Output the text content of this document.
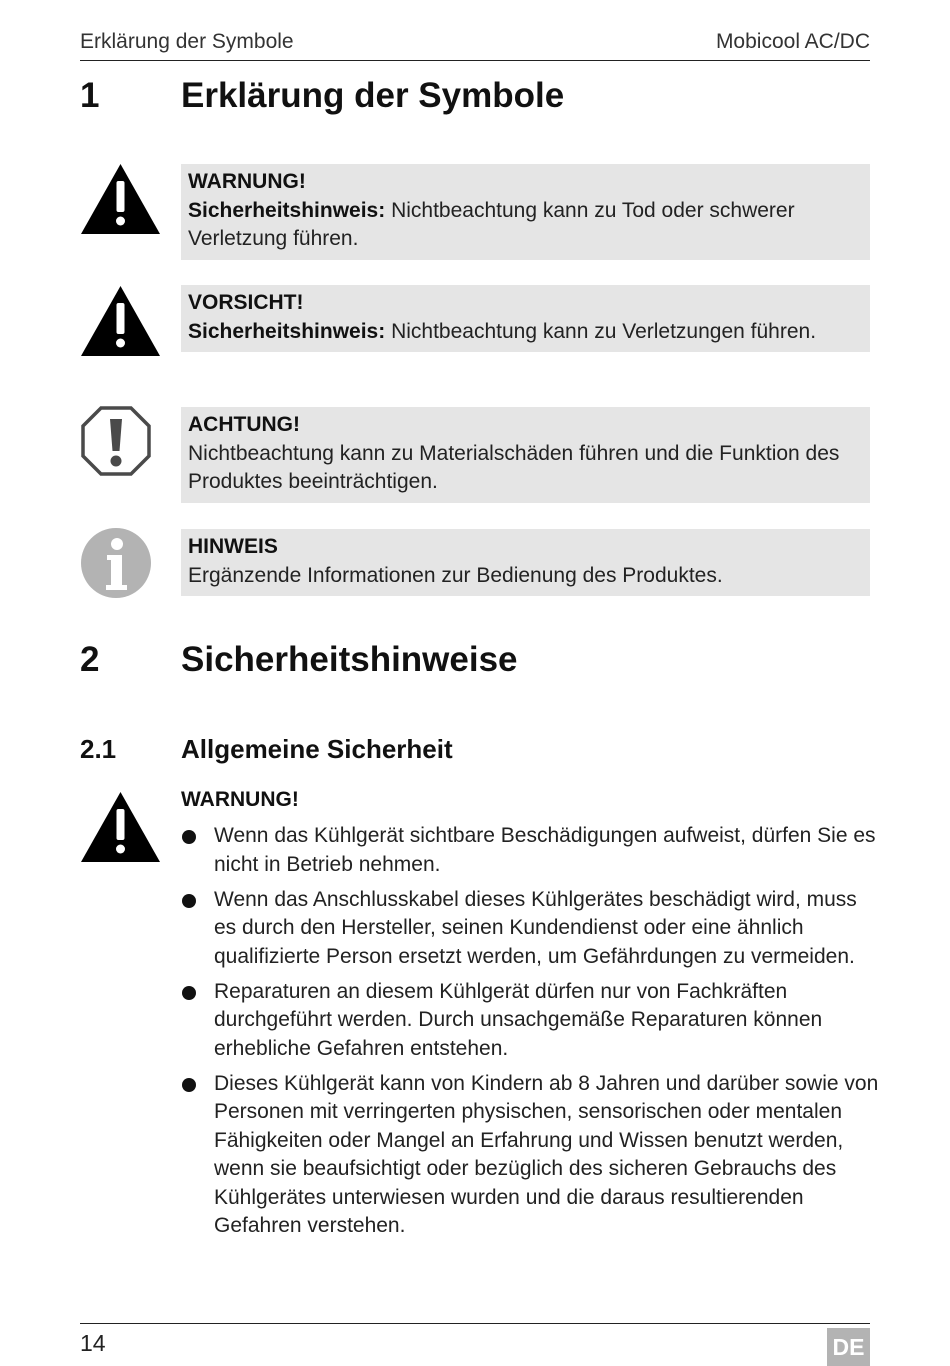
Erklärung der Symbole	Mobicool AC/DC
1 Erklärung der Symbole
WARNUNG!
Sicherheitshinweis: Nichtbeachtung kann zu Tod oder schwerer Verletzung führen.
VORSICHT!
Sicherheitshinweis: Nichtbeachtung kann zu Verletzungen führen.
ACHTUNG!
Nichtbeachtung kann zu Materialschäden führen und die Funktion des Produktes beeinträchtigen.
HINWEIS
Ergänzende Informationen zur Bedienung des Produktes.
2 Sicherheitshinweise
2.1 Allgemeine Sicherheit
WARNUNG!
Wenn das Kühlgerät sichtbare Beschädigungen aufweist, dürfen Sie es nicht in Betrieb nehmen.
Wenn das Anschlusskabel dieses Kühlgerätes beschädigt wird, muss es durch den Hersteller, seinen Kundendienst oder eine ähnlich qualifizierte Person ersetzt werden, um Gefährdungen zu vermeiden.
Reparaturen an diesem Kühlgerät dürfen nur von Fachkräften durchgeführt werden. Durch unsachgemäße Reparaturen können erhebliche Gefahren entstehen.
Dieses Kühlgerät kann von Kindern ab 8 Jahren und darüber sowie von Personen mit verringerten physischen, sensorischen oder mentalen Fähigkeiten oder Mangel an Erfahrung und Wissen benutzt werden, wenn sie beaufsichtigt oder bezüglich des sicheren Gebrauchs des Kühlgerätes unterwiesen wurden und die daraus resultierenden Gefahren verstehen.
14	DE
